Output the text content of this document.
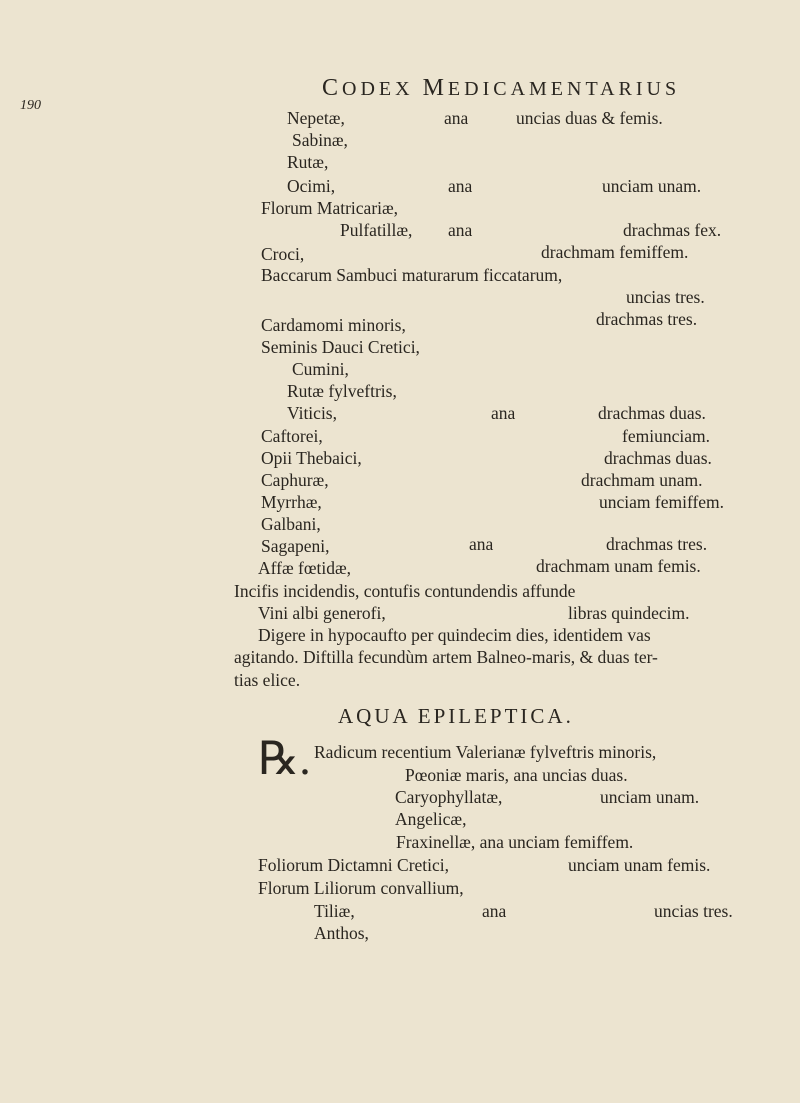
190
CODEX MEDICAMENTARIUS
Nepetæ,	ana	uncias duas & femis.
Sabinæ,
Rutæ,
Ocimi,	ana	unciam unam.
Florum Matricariæ,
Pulfatillæ, ana	drachmas fex.
Croci,	drachmam femiffem.
Baccarum Sambuci maturarum ficcatarum,
uncias tres.
Cardamomi minoris,	drachmas tres.
Seminis Dauci Cretici,
Cumini,
Rutæ fylveftris,
Viticis,	ana	drachmas duas.
Caftorei,	femiunciam.
Opii Thebaici,	drachmas duas.
Caphuræ,	drachmam unam.
Myrrhæ,	unciam femiffem.
Galbani,
Sagapeni,	ana	drachmas tres.
Affæ fœtidæ,	drachmam unam femis.
Incifis incidendis, contufis contundendis affunde
Vini albi generofi,	libras quindecim.
Digere in hypocaufto per quindecim dies, identidem vas
agitando. Diftilla fecundùm artem Balneo-maris, & duas ter-
tias elice.
AQUA EPILEPTICA.
℞. Radicum recentium Valerianæ fylveftris minoris,
Pœoniæ maris, ana uncias duas.
Caryophyllatæ,	unciam unam.
Angelicæ,
Fraxinellæ, ana unciam femiffem.
Foliorum Dictamni Cretici,	unciam unam femis.
Florum Liliorum convallium,
Tiliæ,	ana	uncias tres.
Anthos,
